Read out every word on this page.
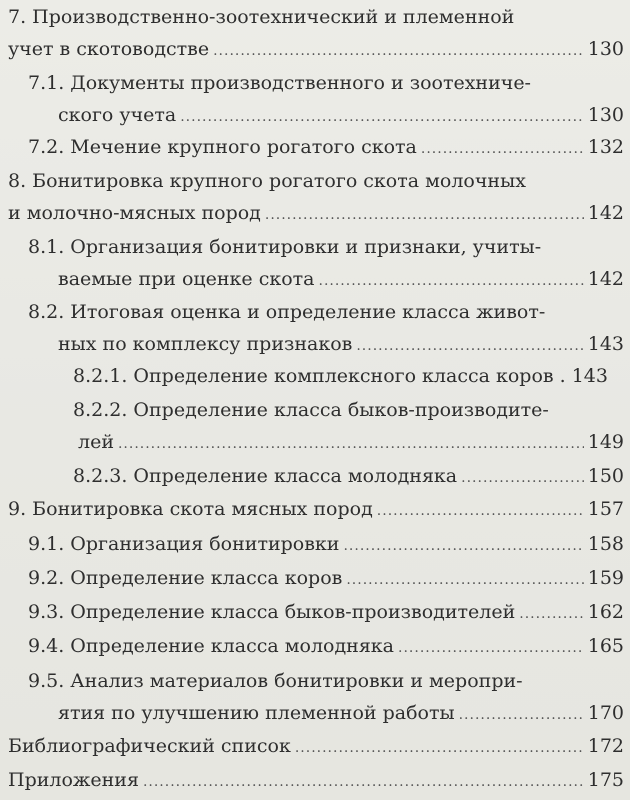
7. Производственно-зоотехнический и племенной
учет в скотоводстве .....	130
7.1. Документы производственного и зоотехниче-
ского учета .....	130
7.2. Мечение крупного рогатого скота .....	132
8. Бонитировка крупного рогатого скота молочных
и молочно-мясных пород .....	142
8.1. Организация бонитировки и признаки, учиты-
ваемые при оценке скота .....	142
8.2. Итоговая оценка и определение класса живот-
ных по комплексу признаков .....	143
8.2.1. Определение комплексного класса коров . 143
8.2.2. Определение класса быков-производите-
лей .....	149
8.2.3. Определение класса молодняка .....	150
9. Бонитировка скота мясных пород .....	157
9.1. Организация бонитировки .....	158
9.2. Определение класса коров .....	159
9.3. Определение класса быков-производителей .....	162
9.4. Определение класса молодняка .....	165
9.5. Анализ материалов бонитировки и меропри-
ятия по улучшению племенной работы .....	170
Библиографический список .....	172
Приложения .....	175
